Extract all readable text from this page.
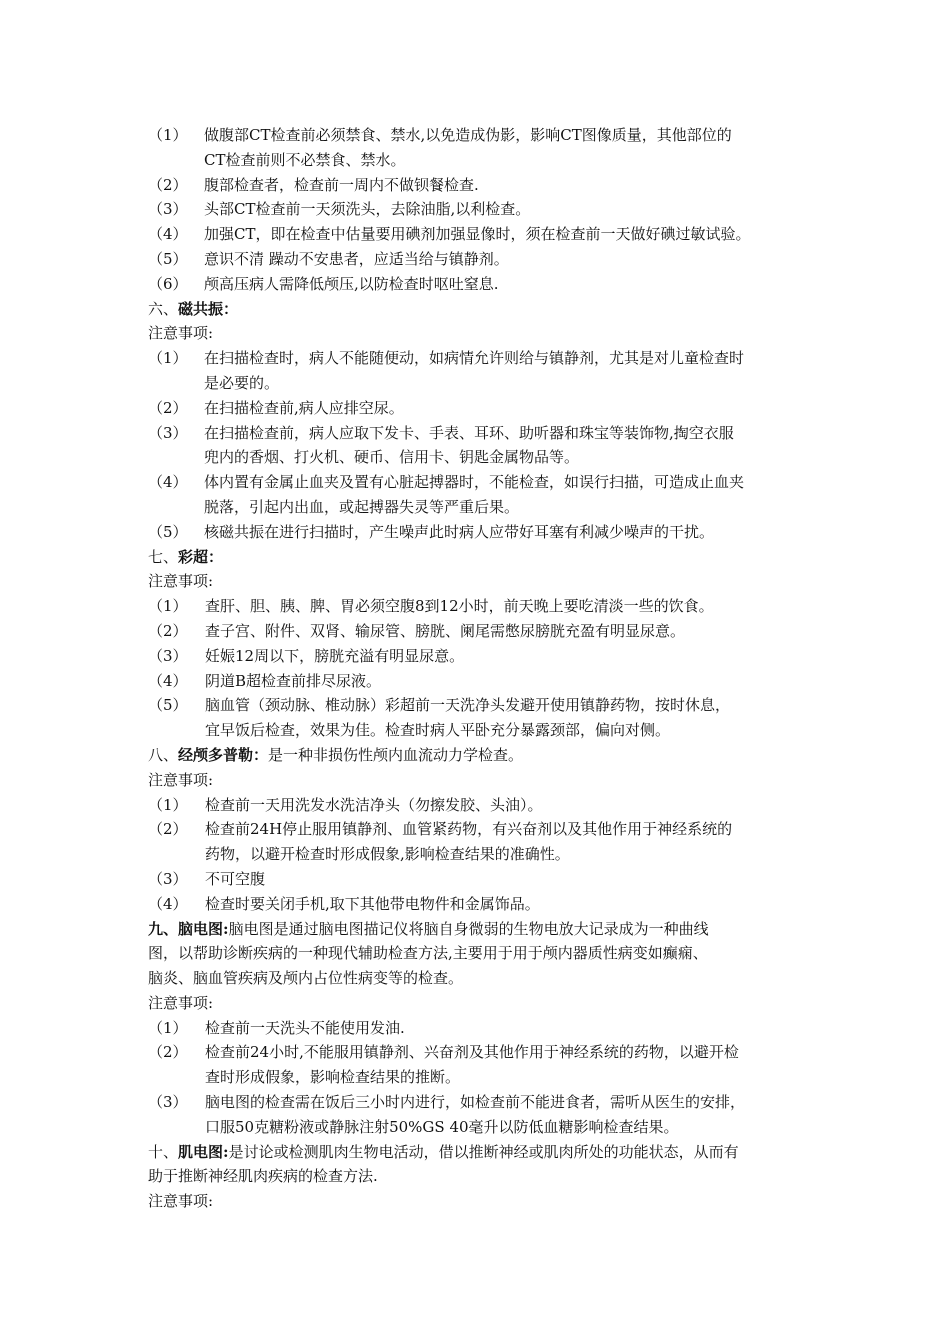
（1） 做腹部CT检查前必须禁食、禁水,以免造成伪影，影响CT图像质量，其他部位的
CT检查前则不必禁食、禁水。
（2） 腹部检查者，检查前一周内不做钡餐检查.
（3） 头部CT检查前一天须洗头，去除油脂,以利检查。
（4） 加强CT，即在检查中估量要用碘剂加强显像时，须在检查前一天做好碘过敏试验。
（5） 意识不清 躁动不安患者，应适当给与镇静剂。
（6） 颅高压病人需降低颅压,以防检查时呕吐窒息.
六、磁共振：
注意事项:
（1） 在扫描检查时，病人不能随便动，如病情允许则给与镇静剂，尤其是对儿童检查时
是必要的。
（2） 在扫描检查前,病人应排空尿。
（3） 在扫描检查前，病人应取下发卡、手表、耳环、助听器和珠宝等装饰物,掏空衣服
兜内的香烟、打火机、硬币、信用卡、钥匙金属物品等。
（4） 体内置有金属止血夹及置有心脏起搏器时，不能检查，如误行扫描，可造成止血夹
脱落，引起内出血，或起搏器失灵等严重后果。
（5） 核磁共振在进行扫描时，产生噪声此时病人应带好耳塞有利减少噪声的干扰。
七、彩超：
注意事项:
（1） 查肝、胆、胰、脾、胃必须空腹8到12小时，前天晚上要吃清淡一些的饮食。
（2） 查子宫、附件、双肾、输尿管、膀胱、阑尾需憋尿膀胱充盈有明显尿意。
（3） 妊娠12周以下，膀胱充溢有明显尿意。
（4） 阴道B超检查前排尽尿液。
（5） 脑血管（颈动脉、椎动脉）彩超前一天洗净头发避开使用镇静药物，按时休息，
宜早饭后检查，效果为佳。检查时病人平卧充分暴露颈部，偏向对侧。
八、经颅多普勒：是一种非损伤性颅内血流动力学检查。
注意事项:
（1） 检查前一天用洗发水洗洁净头（勿擦发胶、头油）。
（2） 检查前24H停止服用镇静剂、血管紧药物，有兴奋剂以及其他作用于神经系统的
药物，以避开检查时形成假象,影响检查结果的准确性。
（3） 不可空腹
（4） 检查时要关闭手机,取下其他带电物件和金属饰品。
九、脑电图:脑电图是通过脑电图描记仪将脑自身微弱的生物电放大记录成为一种曲线
图，以帮助诊断疾病的一种现代辅助检查方法,主要用于用于颅内器质性病变如癫痫、
脑炎、脑血管疾病及颅内占位性病变等的检查。
注意事项:
（1） 检查前一天洗头不能使用发油.
（2） 检查前24小时,不能服用镇静剂、兴奋剂及其他作用于神经系统的药物，以避开检
查时形成假象，影响检查结果的推断。
（3） 脑电图的检查需在饭后三小时内进行，如检查前不能进食者，需听从医生的安排，
口服50克糖粉液或静脉注射50%GS 40毫升以防低血糖影响检查结果。
十、肌电图:是讨论或检测肌肉生物电活动，借以推断神经或肌肉所处的功能状态，从而有
助于推断神经肌肉疾病的检查方法.
注意事项:
